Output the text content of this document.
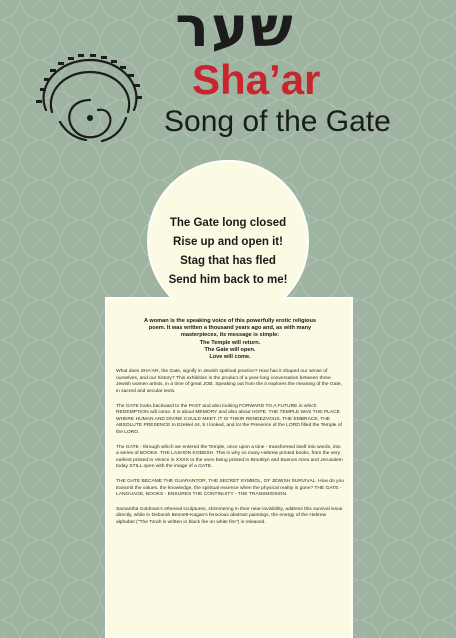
שער
Sha’ar
Song of the Gate
The Gate long closed
Rise up and open it!
Stag that has fled
Send him back to me!
A woman is the speaking voice of this powerfully erotic religious
poem. It was written a thousand years ago and, as with many
masterpieces, its message is simple:
The Temple will return.
The Gate will open.
Love will come.

What does SHA'AR, the Gate, signify in Jewish spiritual practice? How has it shaped our sense of ourselves, and our history? This exhibition is the product of a year-long conversation between three Jewish women artists, in a time of great JOB. Speaking out from the it explores the meaning of the Gate, in sacred and secular texts.

The GATE looks backward to the PAST and also looking FORWARD TO A FUTURE in which REDEMPTION will come. It is about MEMORY and also about HOPE. THE TEMPLE WAS THE PLACE WHERE HUMAN AND DIVINE COULD MEET. IT IS THEIR RENDEZVOUS, THE EMBRACE, THE ABSOLUTE PRESENCE In Ezekiel 44, 5 I looked, and lo! the Presence of the LORD filled the Temple of the LORD.

The GATE - through which we entered the Temple, once upon a time - transformed itself into words, into a series of BOOKS. THE LASHON KODESH. This is why so many Hebrew printed books, from the very earliest printed in Venice in XXXX to the ones being printed in Brooklyn and Buenos Aires and Jerusalem today STILL open with the image of a GATE.

THE GATE BECAME THE GUARANTOR, THE SECRET SYMBOL, OF JEWISH SURVIVAL. How do you transmit the values, the knowledge, the spiritual essence when the physical reality is gone? THE GATE - LANGUAGE, BOOKS - ENSURES THE CONTINUITY - THE TRANSMISSION.

Samantha Goldman's ethereal sculptures, shimmering in their near-invisibility, address this survival issue directly, while in Deborah Bennett-Kagan's ferocious abstract paintings, the energy of the Hebrew alphabet ("The Torah is written in black fire on white fire") is released.
